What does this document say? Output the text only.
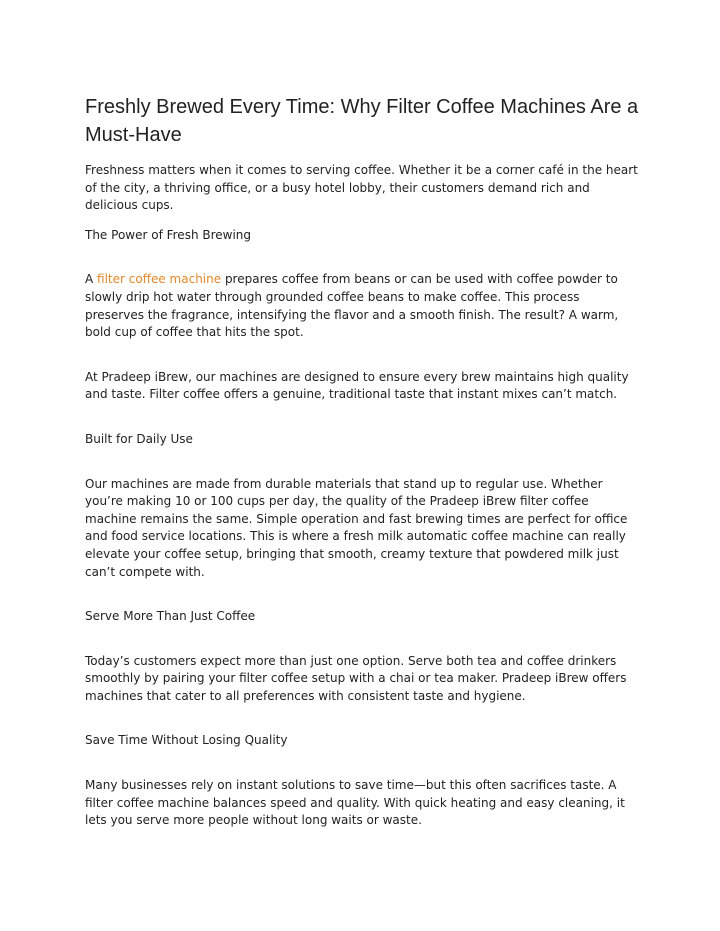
Freshly Brewed Every Time: Why Filter Coffee Machines Are a Must-Have

Freshness matters when it comes to serving coffee. Whether it be a corner café in the heart of the city, a thriving office, or a busy hotel lobby, their customers demand rich and delicious cups.

The Power of Fresh Brewing

A filter coffee machine prepares coffee from beans or can be used with coffee powder to slowly drip hot water through grounded coffee beans to make coffee. This process preserves the fragrance, intensifying the flavor and a smooth finish. The result? A warm, bold cup of coffee that hits the spot.

At Pradeep iBrew, our machines are designed to ensure every brew maintains high quality and taste. Filter coffee offers a genuine, traditional taste that instant mixes can’t match.

Built for Daily Use

Our machines are made from durable materials that stand up to regular use. Whether you’re making 10 or 100 cups per day, the quality of the Pradeep iBrew filter coffee machine remains the same. Simple operation and fast brewing times are perfect for office and food service locations. This is where a fresh milk automatic coffee machine can really elevate your coffee setup, bringing that smooth, creamy texture that powdered milk just can’t compete with.

Serve More Than Just Coffee

Today’s customers expect more than just one option. Serve both tea and coffee drinkers smoothly by pairing your filter coffee setup with a chai or tea maker. Pradeep iBrew offers machines that cater to all preferences with consistent taste and hygiene.

Save Time Without Losing Quality

Many businesses rely on instant solutions to save time—but this often sacrifices taste. A filter coffee machine balances speed and quality. With quick heating and easy cleaning, it lets you serve more people without long waits or waste.
